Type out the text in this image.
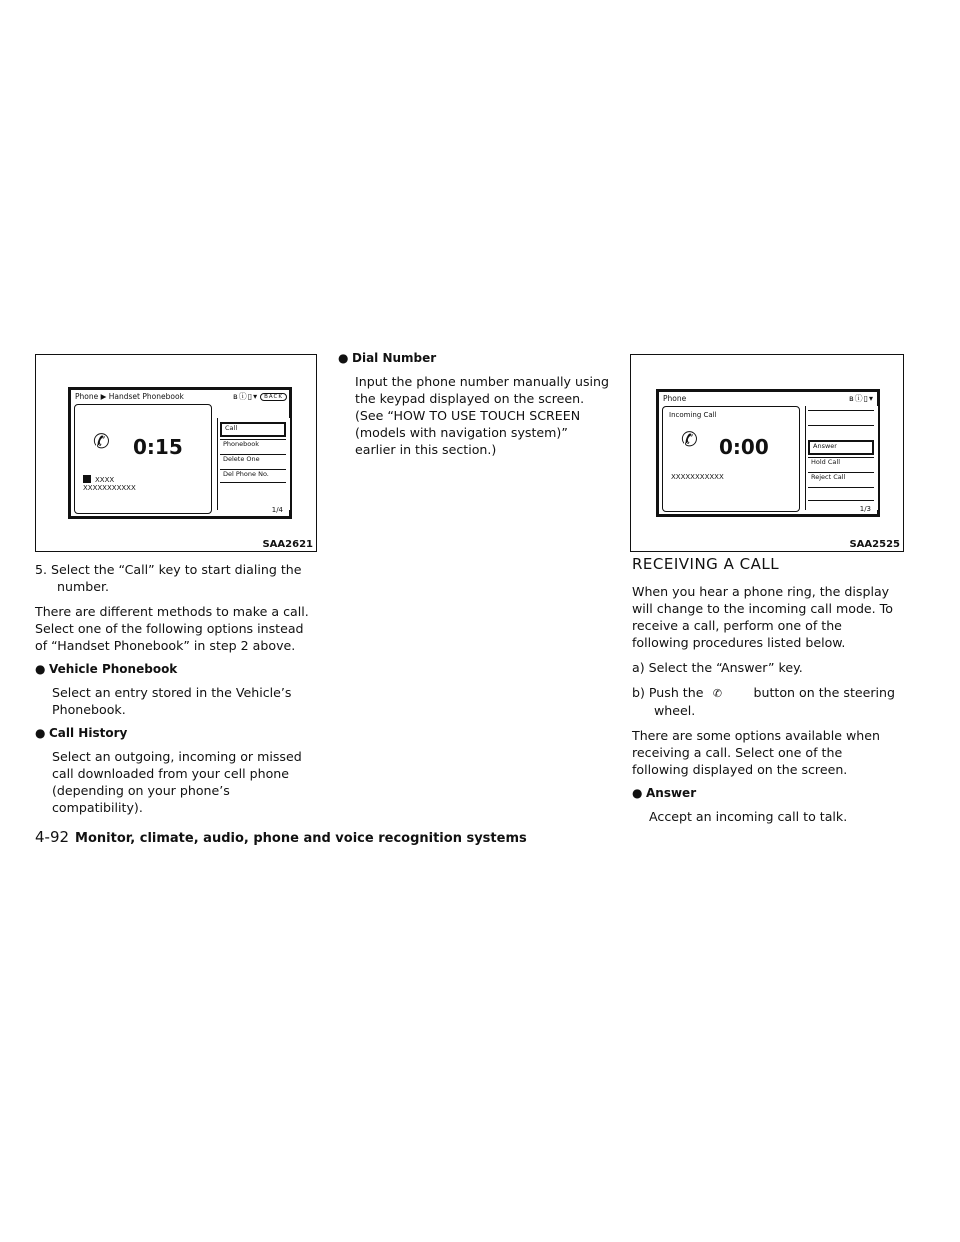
Phone ▶ Handset Phonebook	ʙⓘ▯▾ BACK
✆ 0:15
XXXX
XXXXXXXXXXX
Call
Phonebook
Delete One
Del Phone No.
1/4
SAA2621

5. Select the “Call” key to start dialing the number.

There are different methods to make a call. Select one of the following options instead of “Handset Phonebook” in step 2 above.

● Vehicle Phonebook

Select an entry stored in the Vehicle’s Phonebook.

● Call History

Select an outgoing, incoming or missed call downloaded from your cell phone (depending on your phone’s compatibility).

● Dial Number

Input the phone number manually using the keypad displayed on the screen. (See “HOW TO USE TOUCH SCREEN (models with navigation system)” earlier in this section.)

Phone	ʙⓘ▯▾
Incoming Call
✆ 0:00
XXXXXXXXXXX
Answer
Hold Call
Reject Call
1/3
SAA2525
RECEIVING A CALL

When you hear a phone ring, the display will change to the incoming call mode. To receive a call, perform one of the following procedures listed below.

a) Select the “Answer” key.

b) Push the ✆ button on the steering wheel.

There are some options available when receiving a call. Select one of the following displayed on the screen.

● Answer

Accept an incoming call to talk.

4-92 Monitor, climate, audio, phone and voice recognition systems
